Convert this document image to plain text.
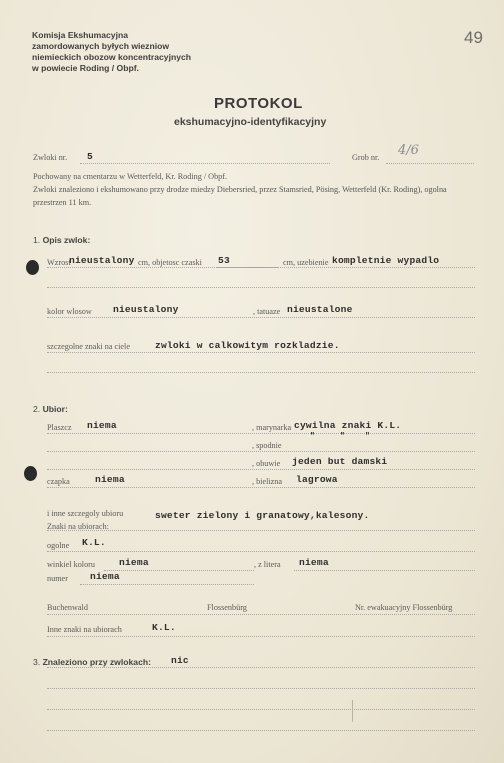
Komisja Ekshumacyjna
zamordowanych byłych wiezniow
niemieckich obozow koncentracyjnych
w powiecie Roding / Obpf.
49
PROTOKOL
ekshumacyjno-identyfikacyjny
Zwloki nr. 5	Grob nr. 4/6
Pochowany na cmentarzu w Wetterfeld, Kr. Roding / Obpf.
Zwloki znaleziono i ekshumowano przy drodze miedzy Diebersried, przez Stamsried, Pösing, Wetterfeld (Kr. Roding), ogolna przestrzen 11 km.
1. Opis zwlok:
Wzrost
nieustalony cm, objetosc czaski 53	cm, uzebienie kompletnie wypadlo
kolor wlosow nieustalony	, tatuaze nieustalone
szczegolne znaki na ciele	zwloki w calkowitym rozkladzie.
2. Ubior:
Plaszcz niema	, marynarka cywilna znaki K.L.
"     "    "
, spodnie
, obuwie jeden but damski
czapka	niema	, bielizna lagrowa
i inne szczegoly ubioru	sweter zielony i granatowy,kalesony.
Znaki na ubiorach:
ogolne K.L.
winkiel koloru	niema	, z litera niema
numer niema
Buchenwald	Flossenbürg	Nr. ewakuacyjny Flossenbürg
Inne znaki na ubiorach	K.L.
3. Znaleziono przy zwlokach: nic
